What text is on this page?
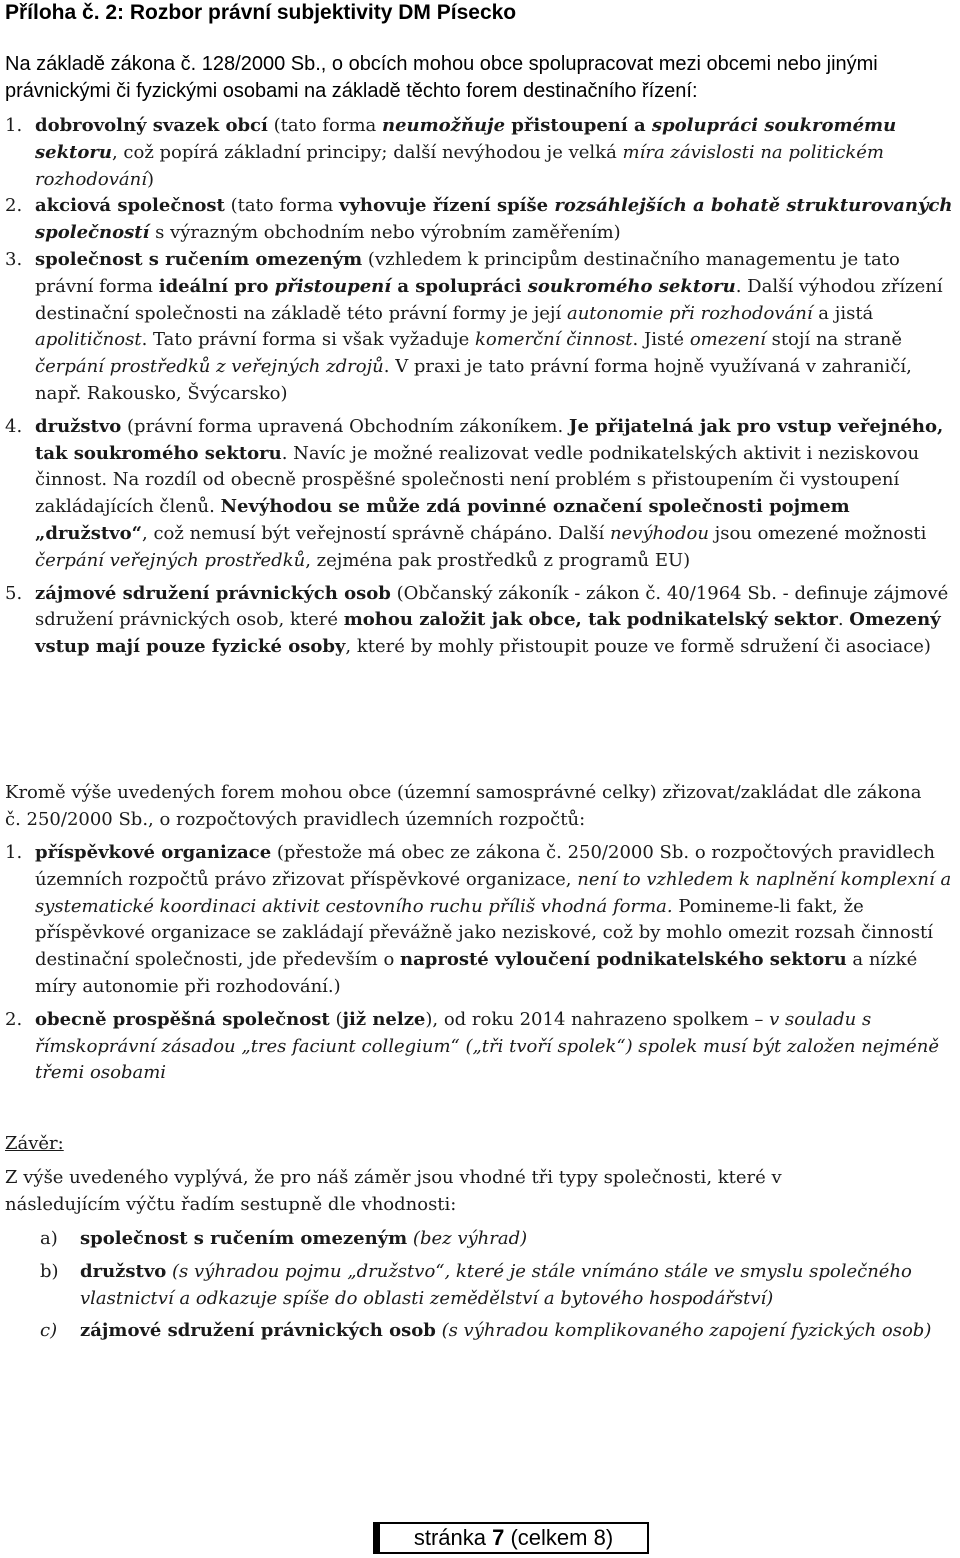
Příloha č. 2: Rozbor právní subjektivity DM Písecko
Na základě zákona č. 128/2000 Sb., o obcích mohou obce spolupracovat mezi obcemi nebo jinými právnickými či fyzickými osobami na základě těchto forem destinačního řízení:
1. dobrovolný svazek obcí (tato forma neumožňuje přistoupení a spolupráci soukromému sektoru, což popírá základní principy; další nevýhodou je velká míra závislosti na politickém rozhodování)
2. akciová společnost (tato forma vyhovuje řízení spíše rozsáhlejších a bohatě strukturovaných společností s výrazným obchodním nebo výrobním zaměřením)
3. společnost s ručením omezeným (vzhledem k principům destinačního managementu je tato právní forma ideální pro přistoupení a spolupráci soukromého sektoru. Další výhodou zřízení destinační společnosti na základě této právní formy je její autonomie při rozhodování a jistá apolitičnost. Tato právní forma si však vyžaduje komerční činnost. Jisté omezení stojí na straně čerpání prostředků z veřejných zdrojů. V praxi je tato právní forma hojně využívaná v zahraničí, např. Rakousko, Švýcarsko)
4. družstvo (právní forma upravená Obchodním zákoníkem. Je přijatelná jak pro vstup veřejného, tak soukromého sektoru. Navíc je možné realizovat vedle podnikatelských aktivit i neziskovou činnost. Na rozdíl od obecně prospěšné společnosti není problém s přistoupením či vystoupení zakládajících členů. Nevýhodou se může zdá povinné označení společnosti pojmem „družstvo“, což nemusí být veřejností správně chápáno. Další nevýhodou jsou omezené možnosti čerpání veřejných prostředků, zejména pak prostředků z programů EU)
5. zájmové sdružení právnických osob (Občanský zákoník - zákon č. 40/1964 Sb. - definuje zájmové sdružení právnických osob, které mohou založit jak obce, tak podnikatelský sektor. Omezený vstup mají pouze fyzické osoby, které by mohly přistoupit pouze ve formě sdružení či asociace)

Kromě výše uvedených forem mohou obce (územní samosprávné celky) zřizovat/zakládat dle zákona č. 250/2000 Sb., o rozpočtových pravidlech územních rozpočtů:

1. příspěvkové organizace (přestože má obec ze zákona č. 250/2000 Sb. o rozpočtových pravidlech územních rozpočtů právo zřizovat příspěvkové organizace, není to vzhledem k naplnění komplexní a systematické koordinaci aktivit cestovního ruchu příliš vhodná forma. Pomineme-li fakt, že příspěvkové organizace se zakládají převážně jako neziskové, což by mohlo omezit rozsah činností destinační společnosti, jde především o naprosté vyloučení podnikatelského sektoru a nízké míry autonomie při rozhodování.)
2. obecně prospěšná společnost (již nelze), od roku 2014 nahrazeno spolkem – v souladu s římskoprávní zásadou „tres faciunt collegium“ („tři tvoří spolek“) spolek musí být založen nejméně třemi osobami

Závěr:

Z výše uvedeného vyplývá, že pro náš záměr jsou vhodné tři typy společnosti, které v následujícím výčtu řadím sestupně dle vhodnosti:

a) společnost s ručením omezeným (bez výhrad)
b) družstvo (s výhradou pojmu „družstvo“, které je stále vnímáno stále ve smyslu společného vlastnictví a odkazuje spíše do oblasti zemědělství a bytového hospodářství)
c) zájmové sdružení právnických osob (s výhradou komplikovaného zapojení fyzických osob)
stránka 7 (celkem 8)
